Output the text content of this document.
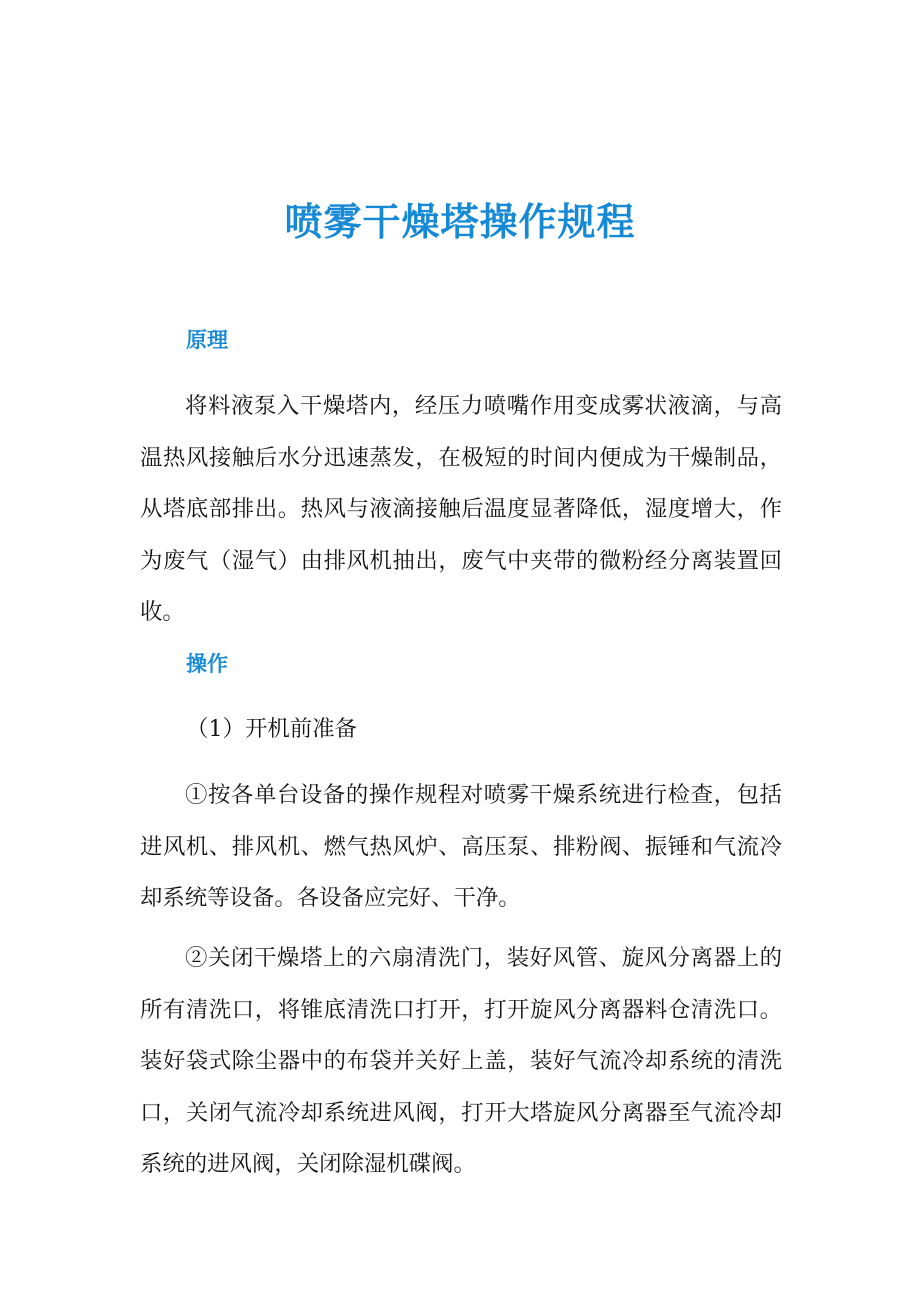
喷雾干燥塔操作规程
原理

将料液泵入干燥塔内，经压力喷嘴作用变成雾状液滴，与高温热风接触后水分迅速蒸发，在极短的时间内便成为干燥制品，从塔底部排出。热风与液滴接触后温度显著降低，湿度增大，作为废气（湿气）由排风机抽出，废气中夹带的微粉经分离装置回收。

操作

（1）开机前准备

①按各单台设备的操作规程对喷雾干燥系统进行检查，包括进风机、排风机、燃气热风炉、高压泵、排粉阀、振锤和气流冷却系统等设备。各设备应完好、干净。

②关闭干燥塔上的六扇清洗门，装好风管、旋风分离器上的所有清洗口，将锥底清洗口打开，打开旋风分离器料仓清洗口。装好袋式除尘器中的布袋并关好上盖，装好气流冷却系统的清洗口，关闭气流冷却系统进风阀，打开大塔旋风分离器至气流冷却系统的进风阀，关闭除湿机碟阀。
